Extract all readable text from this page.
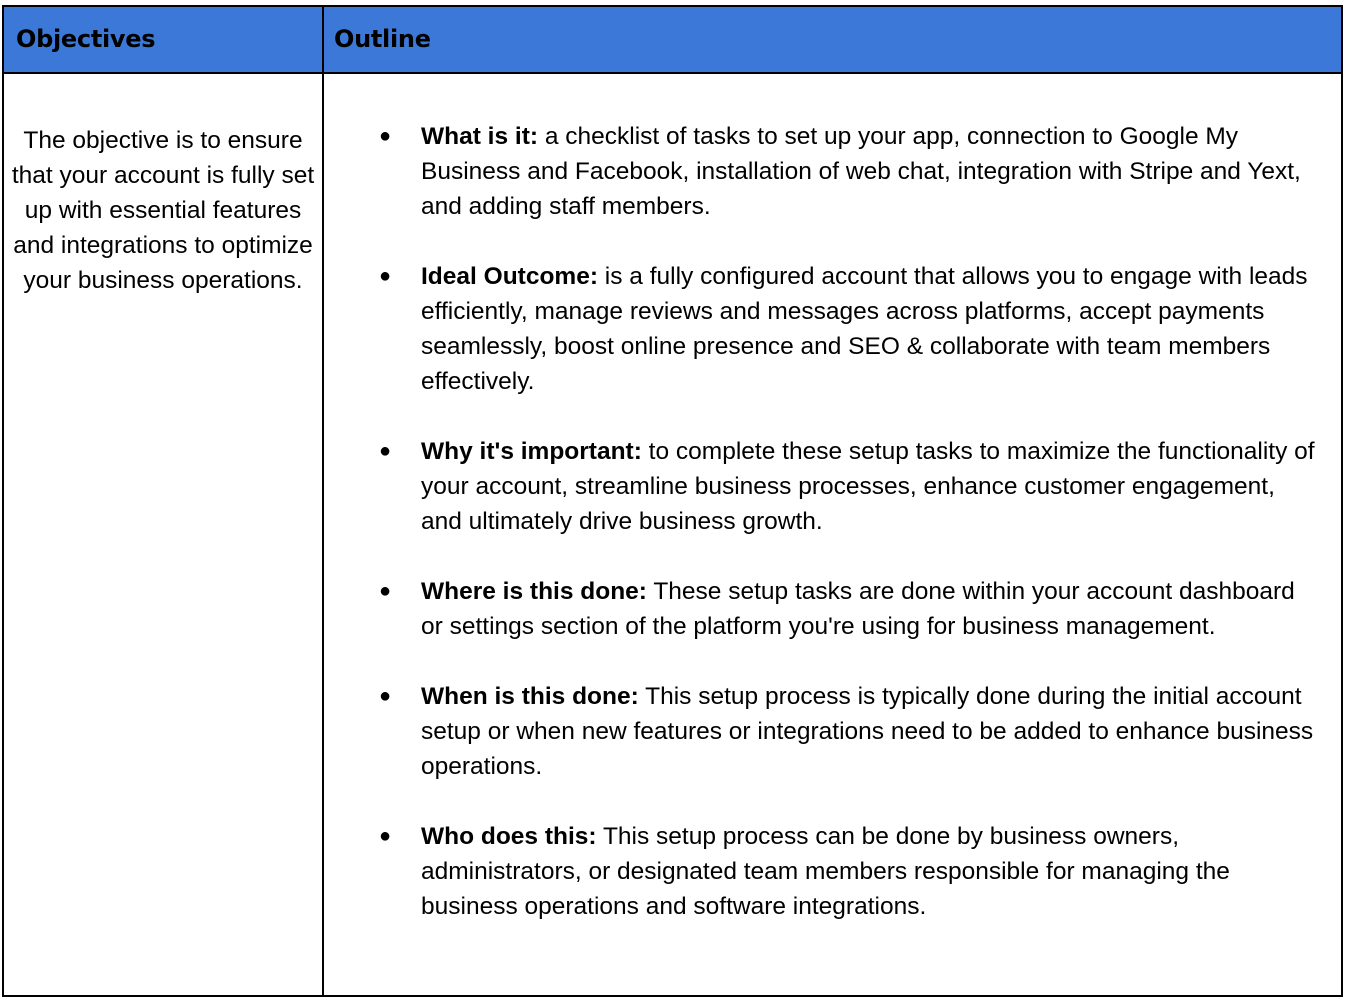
Objectives	Outline
The objective is to ensure that your account is fully set up with essential features and integrations to optimize your business operations.
● What is it: a checklist of tasks to set up your app, connection to Google My Business and Facebook, installation of web chat, integration with Stripe and Yext, and adding staff members.
● Ideal Outcome: is a fully configured account that allows you to engage with leads efficiently, manage reviews and messages across platforms, accept payments seamlessly, boost online presence and SEO & collaborate with team members effectively.
● Why it's important: to complete these setup tasks to maximize the functionality of your account, streamline business processes, enhance customer engagement, and ultimately drive business growth.
● Where is this done: These setup tasks are done within your account dashboard or settings section of the platform you're using for business management.
● When is this done: This setup process is typically done during the initial account setup or when new features or integrations need to be added to enhance business operations.
● Who does this: This setup process can be done by business owners, administrators, or designated team members responsible for managing the business operations and software integrations.
